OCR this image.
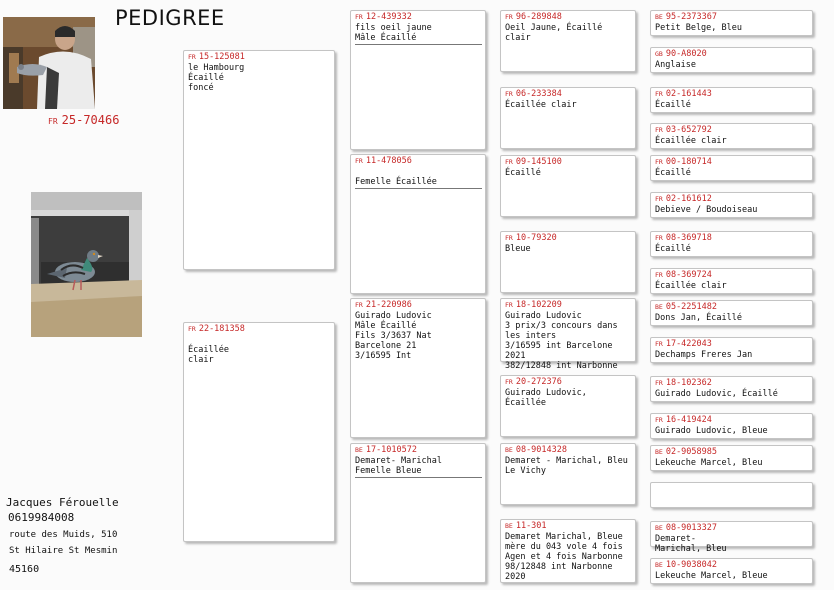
PEDIGREE
FR 25-70466
FR 15-125081
le Hambourg
Écaillé
foncé
FR 22-181358

Écaillée
clair
FR 12-439332
fils oeil jaune
Mâle Écaillé
FR 11-478056

Femelle Écaillée
FR 21-220986
Guirado Ludovic
Mâle Écaillé
Fils 3/3637 Nat Barcelone 21
3/16595 Int
BE 17-1010572
Demaret- Marichal
Femelle Bleue
FR 96-289848
Oeil Jaune, Écaillé clair
FR 06-233384
Écaillée clair
FR 09-145100
Écaillé
FR 10-79320
Bleue
FR 18-102209
Guirado Ludovic
3 prix/3 concours dans les inters
3/16595 int Barcelone 2021
382/12848 int Narbonne
FR 20-272376
Guirado Ludovic, Écaillée
BE 08-9014328
Demaret - Marichal, Bleu
Le Vichy
BE 11-301
Demaret Marichal, Bleue
mère du 043 vole 4 fois
Agen et 4 fois Narbonne
98/12848 int Narbonne 2020
BE 95-2373367
Petit Belge, Bleu
GB 90-A8020
Anglaise
FR 02-161443
Écaillé
FR 03-652792
Écaillée clair
FR 00-180714
Écaillé
FR 02-161612
Debieve / Boudoiseau
FR 08-369718
Écaillé
FR 08-369724
Écaillée clair
BE 05-2251482
Dons Jan, Écaillé
FR 17-422043
Dechamps Freres Jan
FR 18-102362
Guirado Ludovic, Écaillé
FR 16-419424
Guirado Ludovic, Bleue
BE 02-9058985
Lekeuche Marcel, Bleu
BE 08-9013327
Demaret-
Marichal, Bleu
BE 10-9038042
Lekeuche Marcel, Bleue
Jacques Férouelle
0619984008
route des Muids, 510
St Hilaire St Mesmin
45160
